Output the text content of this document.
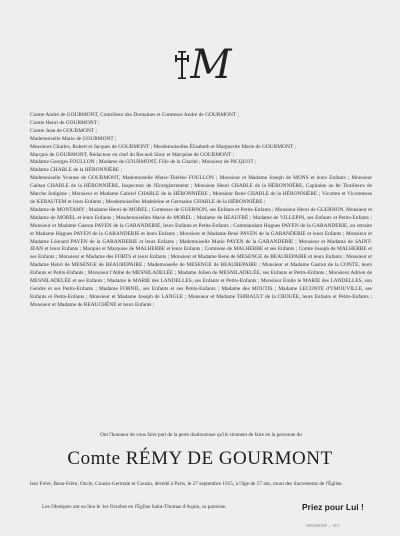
M
Comte André de GOURMONT, Contrôleur des Domaines et Comtesse André de GOURMONT ;
Comte Henri de GOURMONT ;
Comte Jean de GOURMONT ;
Mademoiselle Marie de GOURMONT ;
Messieurs Charles, Robert et Jacques de GOURMONT ; Mesdemoiselles Élisabeth et Marguerite Marie de GOURMONT ;
Marquis de GOURMONT, Rédacteur en chef du Recueil Sirey et Marquise de GOURMONT ;
Madame Georges FOULLON ; Madame de GOURMONT, Fille de la Charité ; Monsieur de PICQUOT ;
Madame CHABLE de la HÉRONNIÈRE ;
Mademoiselle Yvonne de GOURMONT, Mademoiselle Marie-Thérèse FOULLON ; Monsieur et Madame Joseph de MONS et leurs Enfants ; Monsieur Gaëtan CHABLE de la HÉRONNIÈRE, Inspecteur de l'Enregistrement ; Monsieur Henri CHABLE de la HÉRONNIÈRE, Capitaine au 8e Tirailleurs de Marche Indigène ; Monsieur et Madame Gabriel CHABLE de la HÉRONNIÈRE ; Monsieur René CHABLE de la HÉRONNIÈRE ; Vicomte et Vicomtesse de KERAUTEM et leurs Enfants ; Mesdemoiselles Madeleine et Germaine CHABLE de la HÉRONNIÈRE ;
Madame de MONTAMY ; Madame Henri de MOREL ; Comtesse de GUERNON, ses Enfants et Petits-Enfants ; Monsieur Henri de GUERNON, Monsieur et Madame de MOREL et leurs Enfants ; Mesdemoiselles Marie de MOREL ; Madame de BEAUFRÉ ; Madame de VILLEPIN, ses Enfants et Petits-Enfants ; Monsieur et Madame Gaston PAYEN de la GARANDERIE, leurs Enfants et Petits-Enfants ; Commandant Hugues PAYEN de la GARANDERIE, en retraite et Madame Hugues PAYEN de la GARANDERIE et leurs Enfants ; Monsieur et Madame René PAYEN de la GARANDERIE et leurs Enfants ; Monsieur et Madame Léonard PAYEN de la GARANDERIE et leurs Enfants ; Mademoiselle Marie PAYEN de la GARANDERIE ; Monsieur et Madame de SAINT-JEAN et leurs Enfants ; Marquis et Marquise de MALHERBE et leurs Enfants ; Comtesse de MALHERBE et ses Enfants ; Comte Joseph de MALHERBE et ses Enfants ; Monsieur et Madame des FORTS et leurs Enfants ; Monsieur et Madame René de MESENGE de BEAUREPAIRE et leurs Enfants ; Monsieur et Madame Henri de MESENGE de BEAUREPAIRE ; Mademoiselle de MESENGE de BEAUREPAIRE ; Monsieur et Madame Gaston de la CONTE, leurs Enfants et Petits-Enfants ; Monsieur l'Abbé de MESNILADELÉE ; Madame Julien de MESNILADELÉE, ses Enfants et Petits-Enfants ; Monsieur Adrien de MESNILADELÉE et ses Enfants ; Madame le MARIE des LANDELLES, ses Enfants et Petits-Enfants ; Monsieur Émile le MARIE des LANDELLES, son Gendre et ses Petits-Enfants ; Madame FORNIL, ses Enfants et ses Petits-Enfants ; Madame des MOUTIS ; Madame LECONTE d'YMOUVILLE, ses Enfants et Petits-Enfants ; Monsieur et Madame Joseph de LANGLE ; Monsieur et Madame THIBAULT de la CROUÉE, leurs Enfants et Petits-Enfants ; Monsieur et Madame de BEAUCHÊNE et leurs Enfants ;
Ont l'honneur de vous faire part de la perte douloureuse qu'ils viennent de faire en la personne du
Comte RÉMY DE GOURMONT
leur Frère, Beau-Frère, Oncle, Cousin-Germain et Cousin, décédé à Paris, le 27 septembre 1915, à l'âge de 57 ans, muni des Sacrements de l'Église.
Les Obsèques ont eu lieu le 1er Octobre en l'Église Saint-Thomas d'Aquin, sa paroisse.	Priez pour Lui !
IMPRIMERIE — 1915
